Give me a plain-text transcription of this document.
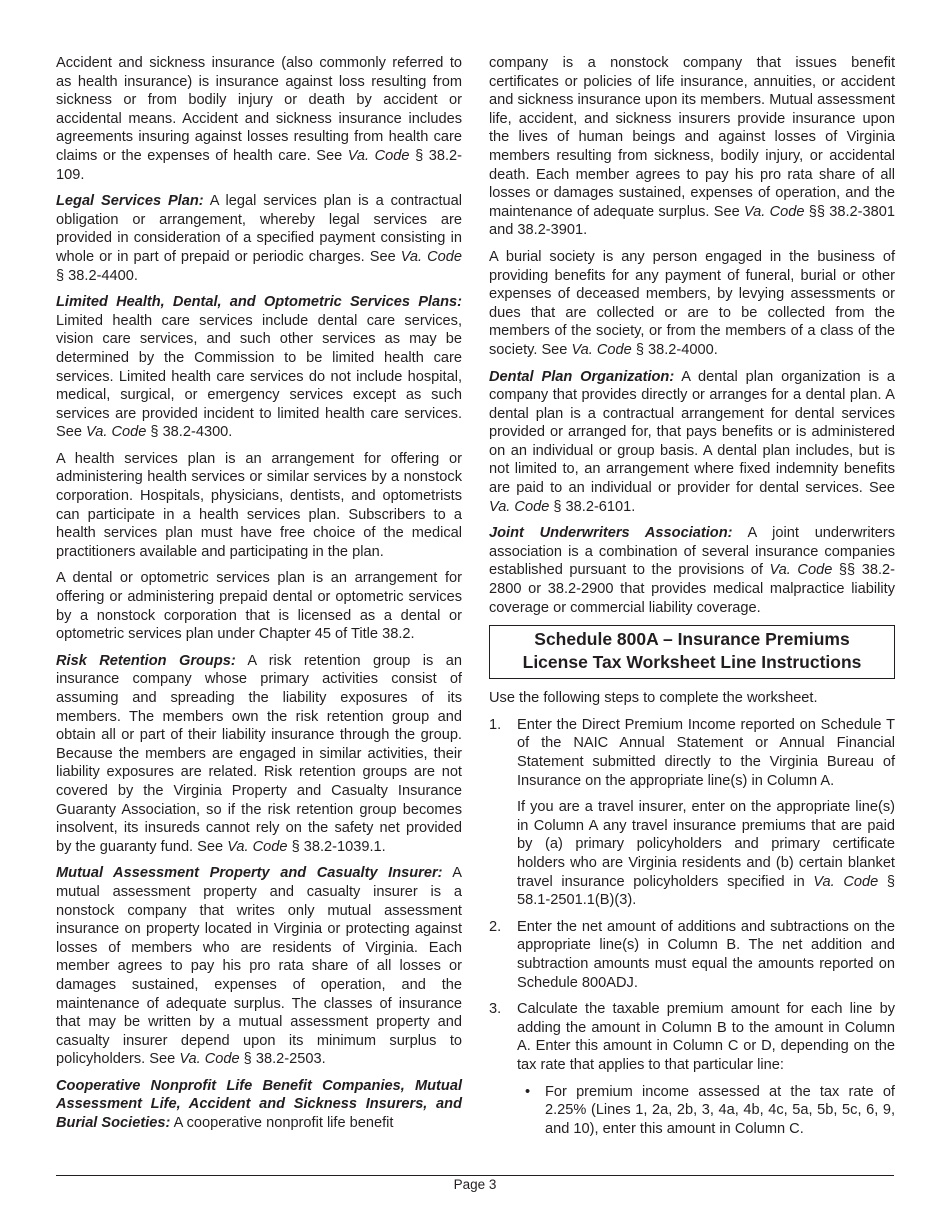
Accident and sickness insurance (also commonly referred to as health insurance) is insurance against loss resulting from sickness or from bodily injury or death by accident or accidental means. Accident and sickness insurance includes agreements insuring against losses resulting from health care claims or the expenses of health care. See Va. Code § 38.2-109.

Legal Services Plan: A legal services plan is a contractual obligation or arrangement, whereby legal services are provided in consideration of a specified payment consisting in whole or in part of prepaid or periodic charges. See Va. Code § 38.2-4400.

Limited Health, Dental, and Optometric Services Plans: Limited health care services include dental care services, vision care services, and such other services as may be determined by the Commission to be limited health care services. Limited health care services do not include hospital, medical, surgical, or emergency services except as such services are provided incident to limited health care services. See Va. Code § 38.2-4300.

A health services plan is an arrangement for offering or administering health services or similar services by a nonstock corporation. Hospitals, physicians, dentists, and optometrists can participate in a health services plan. Subscribers to a health services plan must have free choice of the medical practitioners available and participating in the plan.

A dental or optometric services plan is an arrangement for offering or administering prepaid dental or optometric services by a nonstock corporation that is licensed as a dental or optometric services plan under Chapter 45 of Title 38.2.

Risk Retention Groups: A risk retention group is an insurance company whose primary activities consist of assuming and spreading the liability exposures of its members. The members own the risk retention group and obtain all or part of their liability insurance through the group. Because the members are engaged in similar activities, their liability exposures are related. Risk retention groups are not covered by the Virginia Property and Casualty Insurance Guaranty Association, so if the risk retention group becomes insolvent, its insureds cannot rely on the safety net provided by the guaranty fund. See Va. Code § 38.2-1039.1.

Mutual Assessment Property and Casualty Insurer: A mutual assessment property and casualty insurer is a nonstock company that writes only mutual assessment insurance on property located in Virginia or protecting against losses of members who are residents of Virginia. Each member agrees to pay his pro rata share of all losses or damages sustained, expenses of operation, and the maintenance of adequate surplus. The classes of insurance that may be written by a mutual assessment property and casualty insurer depend upon its minimum surplus to policyholders. See Va. Code § 38.2-2503.

Cooperative Nonprofit Life Benefit Companies, Mutual Assessment Life, Accident and Sickness Insurers, and Burial Societies: A cooperative nonprofit life benefit

company is a nonstock company that issues benefit certificates or policies of life insurance, annuities, or accident and sickness insurance upon its members. Mutual assessment life, accident, and sickness insurers provide insurance upon the lives of human beings and against losses of Virginia members resulting from sickness, bodily injury, or accidental death. Each member agrees to pay his pro rata share of all losses or damages sustained, expenses of operation, and the maintenance of adequate surplus. See Va. Code §§ 38.2-3801 and 38.2-3901.

A burial society is any person engaged in the business of providing benefits for any payment of funeral, burial or other expenses of deceased members, by levying assessments or dues that are collected or are to be collected from the members of the society, or from the members of a class of the society. See Va. Code § 38.2-4000.

Dental Plan Organization: A dental plan organization is a company that provides directly or arranges for a dental plan. A dental plan is a contractual arrangement for dental services provided or arranged for, that pays benefits or is administered on an individual or group basis. A dental plan includes, but is not limited to, an arrangement where fixed indemnity benefits are paid to an individual or provider for dental services. See Va. Code § 38.2-6101.

Joint Underwriters Association: A joint underwriters association is a combination of several insurance companies established pursuant to the provisions of Va. Code §§ 38.2-2800 or 38.2-2900 that provides medical malpractice liability coverage or commercial liability coverage.

Schedule 800A – Insurance Premiums
License Tax Worksheet Line Instructions

Use the following steps to complete the worksheet.

1. Enter the Direct Premium Income reported on Schedule T of the NAIC Annual Statement or Annual Financial Statement submitted directly to the Virginia Bureau of Insurance on the appropriate line(s) in Column A.

If you are a travel insurer, enter on the appropriate line(s) in Column A any travel insurance premiums that are paid by (a) primary policyholders and primary certificate holders who are Virginia residents and (b) certain blanket travel insurance policyholders specified in Va. Code § 58.1-2501.1(B)(3).

2. Enter the net amount of additions and subtractions on the appropriate line(s) in Column B. The net addition and subtraction amounts must equal the amounts reported on Schedule 800ADJ.

3. Calculate the taxable premium amount for each line by adding the amount in Column B to the amount in Column A. Enter this amount in Column C or D, depending on the tax rate that applies to that particular line:

• For premium income assessed at the tax rate of 2.25% (Lines 1, 2a, 2b, 3, 4a, 4b, 4c, 5a, 5b, 5c, 6, 9, and 10), enter this amount in Column C.
Page 3
